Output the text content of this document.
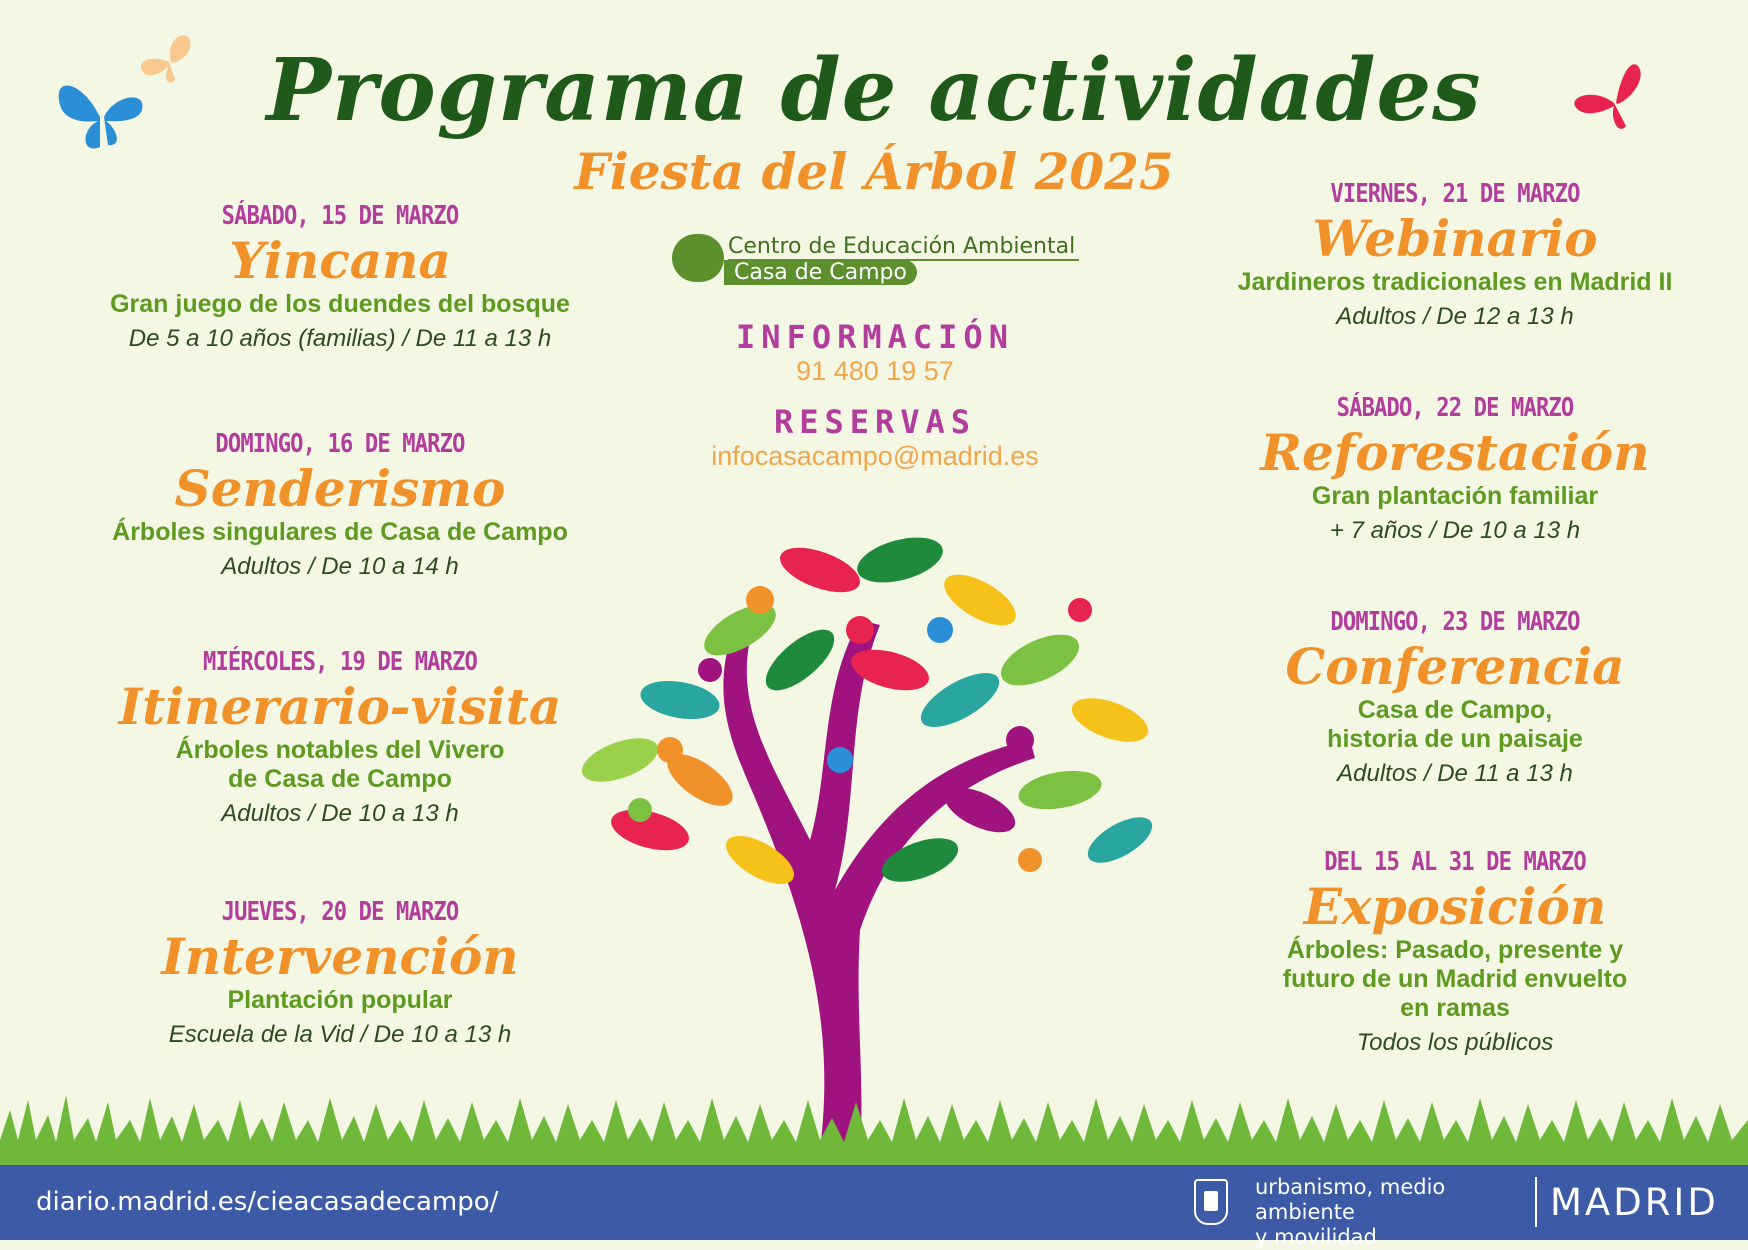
Programa de actividades
Fiesta del Árbol 2025
Centro de Educación Ambiental
Casa de Campo
INFORMACIÓN
91 480 19 57
RESERVAS
infocasacampo@madrid.es
SÁBADO, 15 DE MARZO
Yincana
Gran juego de los duendes del bosque
De 5 a 10 años (familias) / De 11 a 13 h
DOMINGO, 16 DE MARZO
Senderismo
Árboles singulares de Casa de Campo
Adultos / De 10 a 14 h
MIÉRCOLES, 19 DE MARZO
Itinerario-visita
Árboles notables del Vivero
de Casa de Campo
Adultos / De 10 a 13 h
JUEVES, 20 DE MARZO
Intervención
Plantación popular
Escuela de la Vid / De 10 a 13 h
VIERNES, 21 DE MARZO
Webinario
Jardineros tradicionales en Madrid II
Adultos / De 12 a 13 h
SÁBADO, 22 DE MARZO
Reforestación
Gran plantación familiar
+ 7 años / De 10 a 13 h
DOMINGO, 23 DE MARZO
Conferencia
Casa de Campo,
historia de un paisaje
Adultos / De 11 a 13 h
DEL 15 AL 31 DE MARZO
Exposición
Árboles: Pasado, presente y
futuro de un Madrid envuelto
en ramas
Todos los públicos
diario.madrid.es/cieacasadecampo/	urbanismo, medio ambiente
y movilidad
MADRID
